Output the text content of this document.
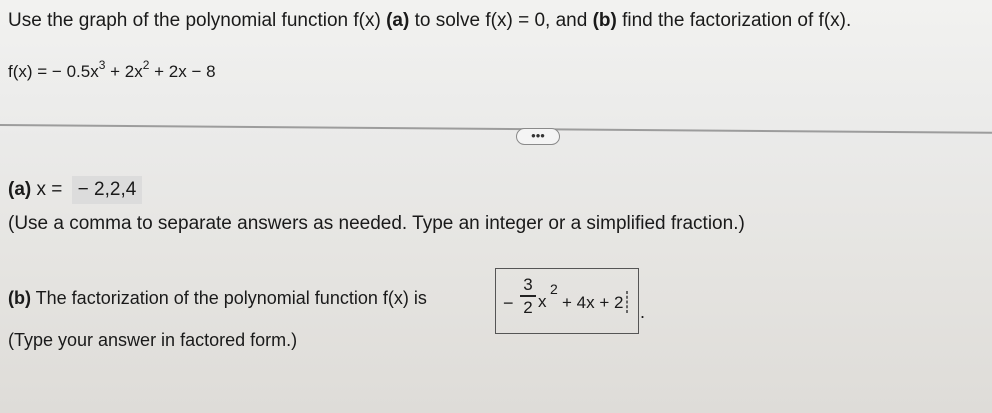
Use the graph of the polynomial function f(x) (a) to solve f(x) = 0, and (b) find the factorization of f(x).
f(x) = − $0.5x^3 + 2x^2 + 2x - 8$
•••
(a) x = − 2,2,4
(Use a comma to separate answers as needed. Type an integer or a simplified fraction.)
(b) The factorization of the polynomial function f(x) is	−
3
2 x
2
+ 4x + 2 .
(Type your answer in factored form.)
